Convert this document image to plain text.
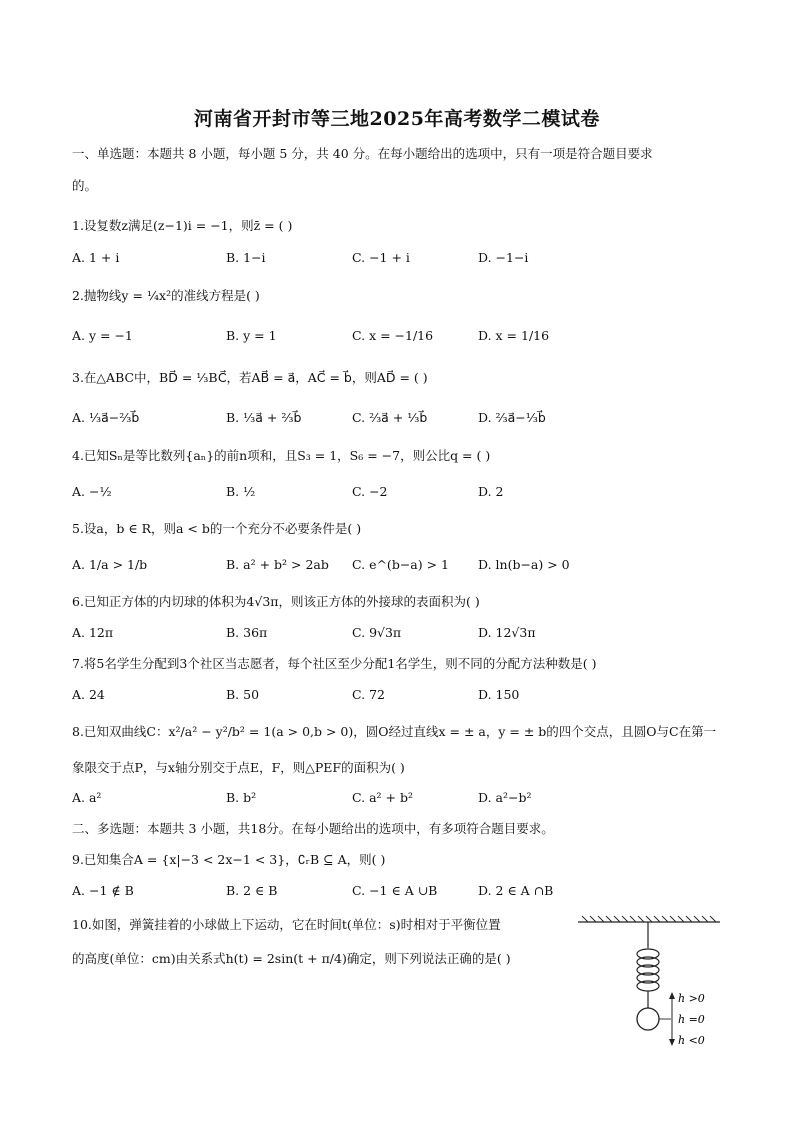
河南省开封市等三地2025年高考数学二模试卷
一、单选题：本题共 8 小题，每小题 5 分，共 40 分。在每小题给出的选项中，只有一项是符合题目要求
的。
1.设复数z满足(z−1)i = −1，则z̄ = ( )
A. 1 + i	B. 1−i	C. −1 + i	D. −1−i
2.抛物线y = ¼x²的准线方程是( )
A. y = −1	B. y = 1	C. x = −1/16	D. x = 1/16
3.在△ABC中，BD⃗ = ⅓BC⃗，若AB⃗ = a⃗，AC⃗ = b⃗，则AD⃗ = ( )
A. ⅓a⃗−⅔b⃗	B. ⅓a⃗ + ⅔b⃗	C. ⅔a⃗ + ⅓b⃗	D. ⅔a⃗−⅓b⃗
4.已知Sₙ是等比数列{aₙ}的前n项和，且S₃ = 1，S₆ = −7，则公比q = ( )
A. −½	B. ½	C. −2	D. 2
5.设a，b ∈ R，则a < b的一个充分不必要条件是( )
A. 1/a > 1/b	B. a² + b² > 2ab C. e^(b−a) > 1 D. ln(b−a) > 0
6.已知正方体的内切球的体积为4√3π，则该正方体的外接球的表面积为( )
A. 12π	B. 36π	C. 9√3π	D. 12√3π
7.将5名学生分配到3个社区当志愿者，每个社区至少分配1名学生，则不同的分配方法种数是( )
A. 24	B. 50	C. 72	D. 150
8.已知双曲线C：x²/a² − y²/b² = 1(a > 0,b > 0)，圆O经过直线x = ± a，y = ± b的四个交点，且圆O与C在第一
象限交于点P，与x轴分别交于点E，F，则△PEF的面积为( )
A. a²	B. b²	C. a² + b²	D. a²−b²
二、多选题：本题共 3 小题，共18分。在每小题给出的选项中，有多项符合题目要求。
9.已知集合A = {x|−3 < 2x−1 < 3}，∁ᵣB ⊆ A，则( )
A. −1 ∉ B	B. 2 ∈ B	C. −1 ∈ A ∪B	D. 2 ∈ A ∩B
10.如图，弹簧挂着的小球做上下运动，它在时间t(单位：s)时相对于平衡位置
的高度(单位：cm)由关系式h(t) = 2sin(t + π/4)确定，则下列说法正确的是( )
h >0
h =0
h <0
